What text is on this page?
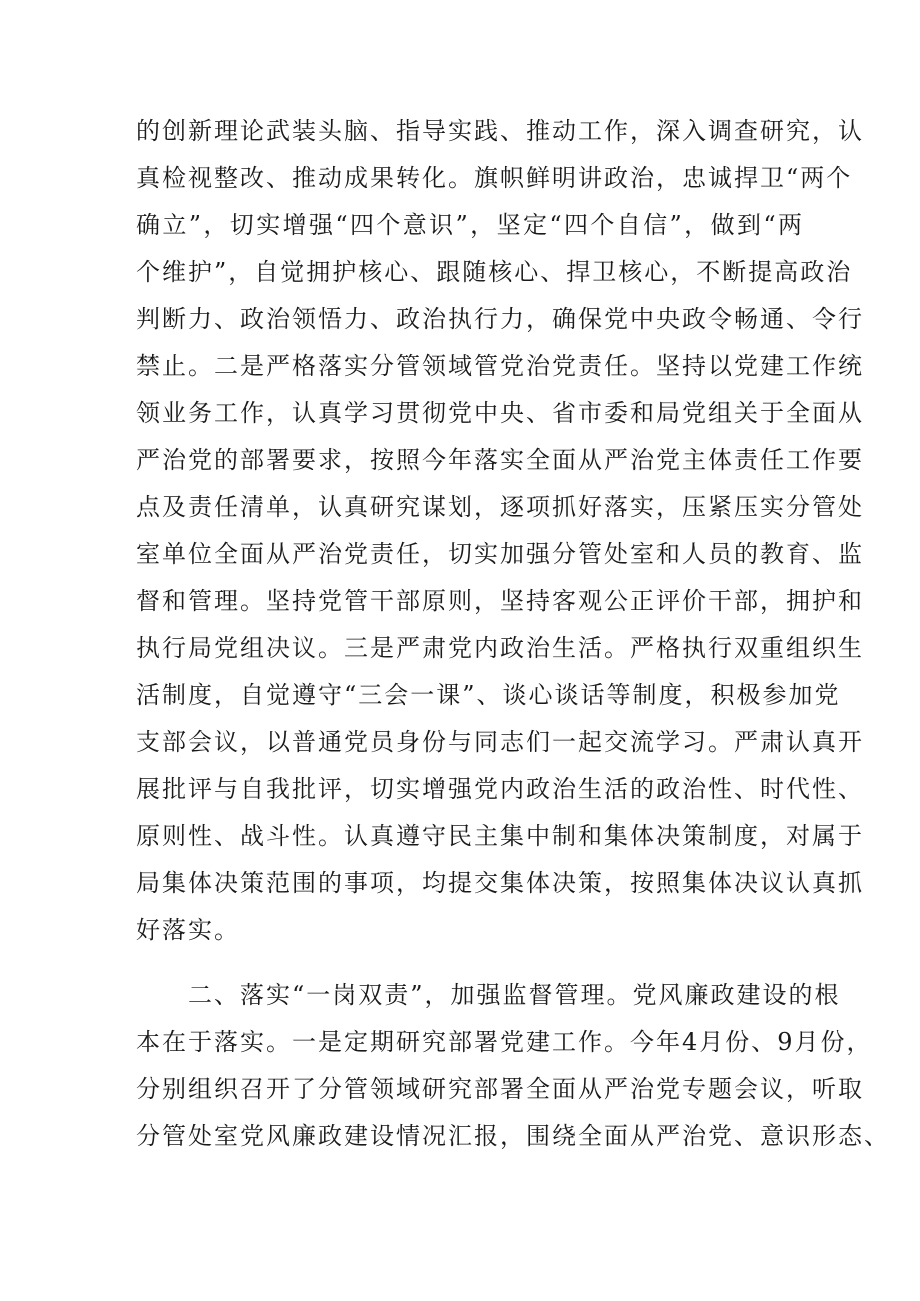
的创新理论武装头脑、指导实践、推动工作，深入调查研究，认
真检视整改、推动成果转化。旗帜鲜明讲政治，忠诚捍卫“两个
确立”，切实增强“四个意识”，坚定“四个自信”，做到“两
个维护”，自觉拥护核心、跟随核心、捍卫核心，不断提高政治
判断力、政治领悟力、政治执行力，确保党中央政令畅通、令行
禁止。二是严格落实分管领域管党治党责任。坚持以党建工作统
领业务工作，认真学习贯彻党中央、省市委和局党组关于全面从
严治党的部署要求，按照今年落实全面从严治党主体责任工作要
点及责任清单，认真研究谋划，逐项抓好落实，压紧压实分管处
室单位全面从严治党责任，切实加强分管处室和人员的教育、监
督和管理。坚持党管干部原则，坚持客观公正评价干部，拥护和
执行局党组决议。三是严肃党内政治生活。严格执行双重组织生
活制度，自觉遵守“三会一课”、谈心谈话等制度，积极参加党
支部会议，以普通党员身份与同志们一起交流学习。严肃认真开
展批评与自我批评，切实增强党内政治生活的政治性、时代性、
原则性、战斗性。认真遵守民主集中制和集体决策制度，对属于
局集体决策范围的事项，均提交集体决策，按照集体决议认真抓
好落实。
二、落实“一岗双责”，加强监督管理。党风廉政建设的根
本在于落实。一是定期研究部署党建工作。今年4月份、9月份，
分别组织召开了分管领域研究部署全面从严治党专题会议，听取
分管处室党风廉政建设情况汇报，围绕全面从严治党、意识形态、
